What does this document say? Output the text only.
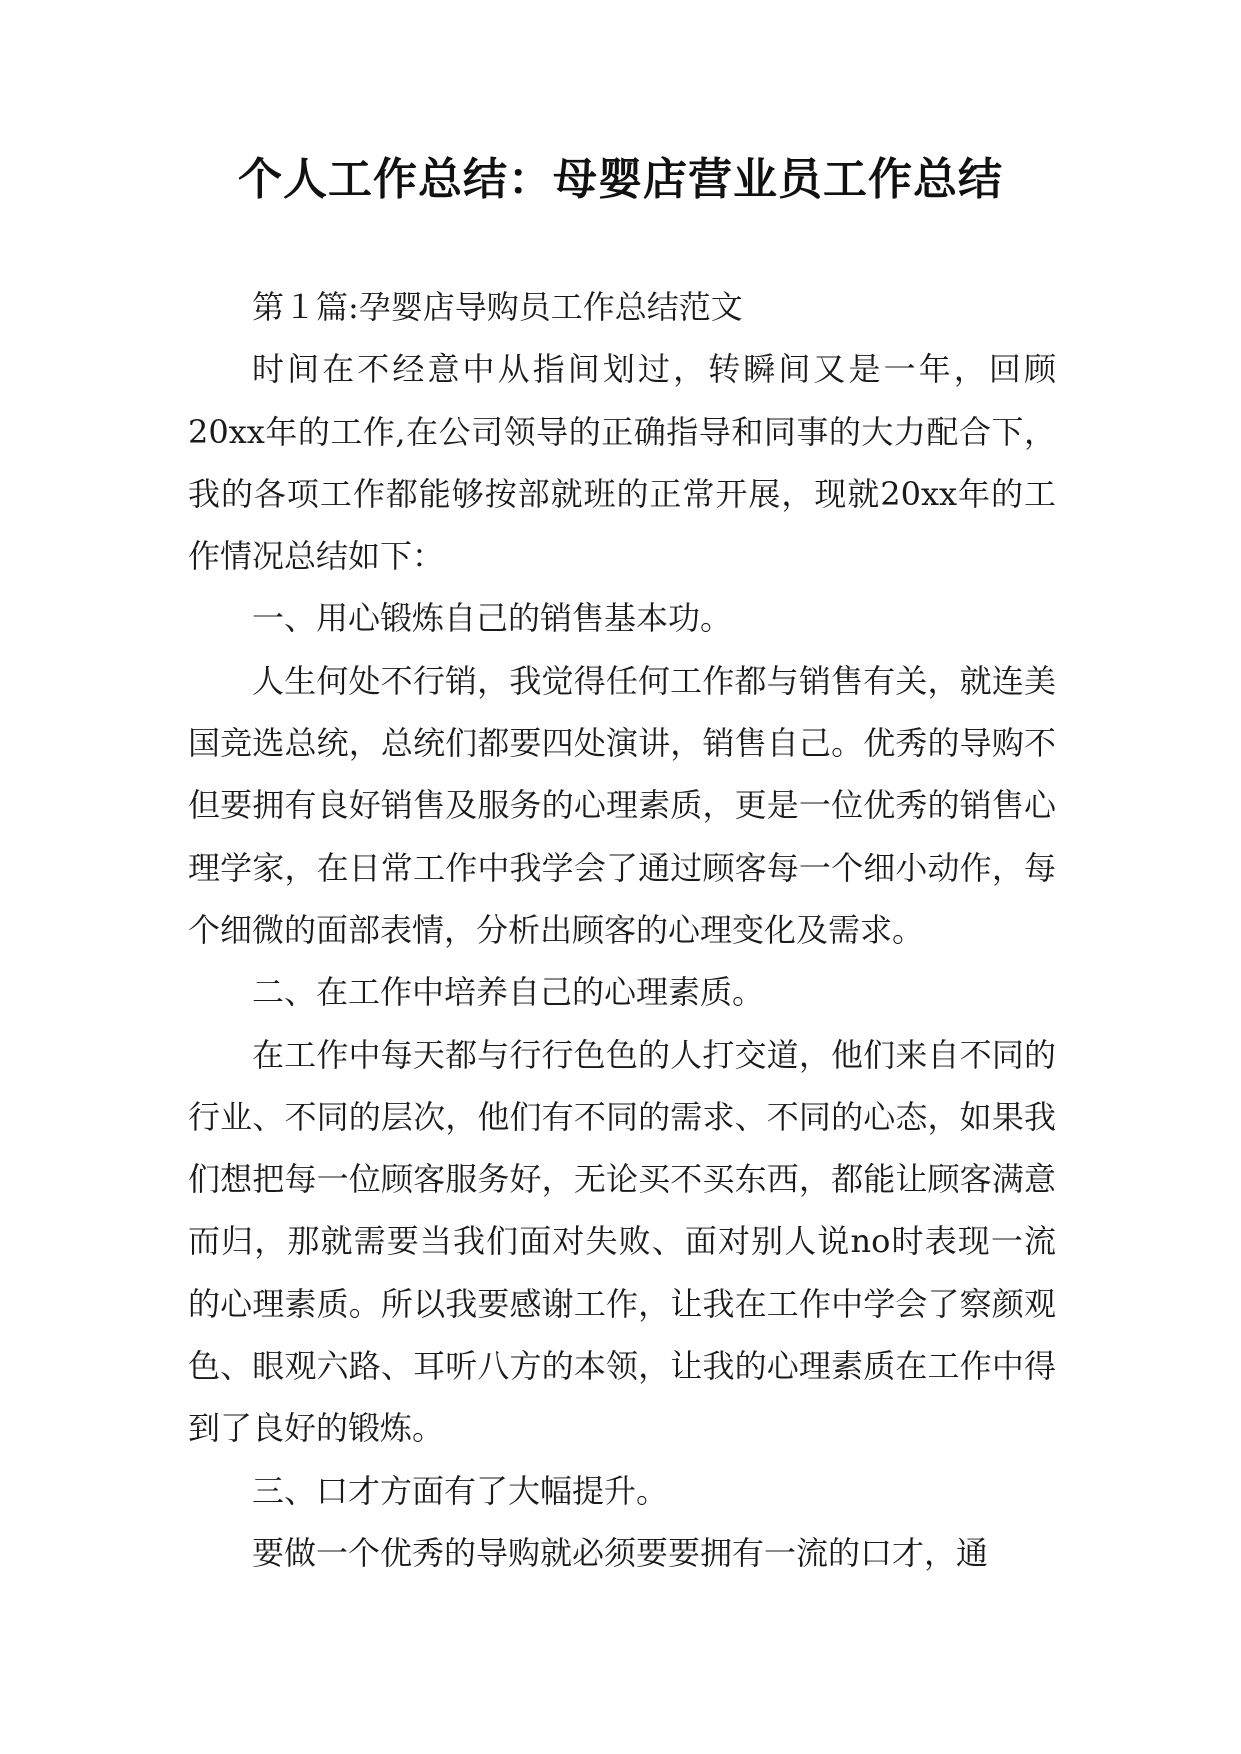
个人工作总结：母婴店营业员工作总结

第１篇:孕婴店导购员工作总结范文

时间在不经意中从指间划过，转瞬间又是一年，回顾20xx年的工作,在公司领导的正确指导和同事的大力配合下，我的各项工作都能够按部就班的正常开展，现就20xx年的工作情况总结如下：

一、用心锻炼自己的销售基本功。

人生何处不行销，我觉得任何工作都与销售有关，就连美国竞选总统，总统们都要四处演讲，销售自己。优秀的导购不但要拥有良好销售及服务的心理素质，更是一位优秀的销售心理学家，在日常工作中我学会了通过顾客每一个细小动作，每个细微的面部表情，分析出顾客的心理变化及需求。

二、在工作中培养自己的心理素质。

在工作中每天都与行行色色的人打交道，他们来自不同的行业、不同的层次，他们有不同的需求、不同的心态，如果我们想把每一位顾客服务好，无论买不买东西，都能让顾客满意而归，那就需要当我们面对失败、面对别人说no时表现一流的心理素质。所以我要感谢工作，让我在工作中学会了察颜观色、眼观六路、耳听八方的本领，让我的心理素质在工作中得到了良好的锻炼。

三、口才方面有了大幅提升。

要做一个优秀的导购就必须要要拥有一流的口才，通
